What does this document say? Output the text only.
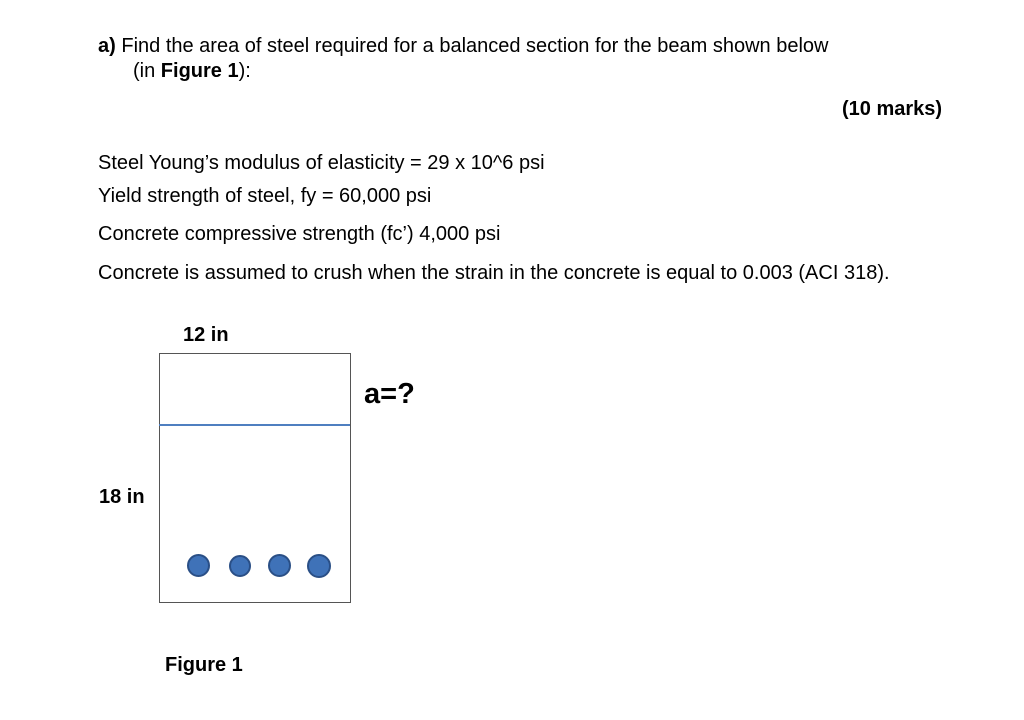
a) Find the area of steel required for a balanced section for the beam shown below
(in Figure 1):
(10 marks)
Steel Young’s modulus of elasticity = 29 x 10^6 psi
Yield strength of steel, fy = 60,000 psi
Concrete compressive strength (fc’) 4,000 psi
Concrete is assumed to crush when the strain in the concrete is equal to 0.003 (ACI 318).
12 in
a=?
18 in
Figure 1
